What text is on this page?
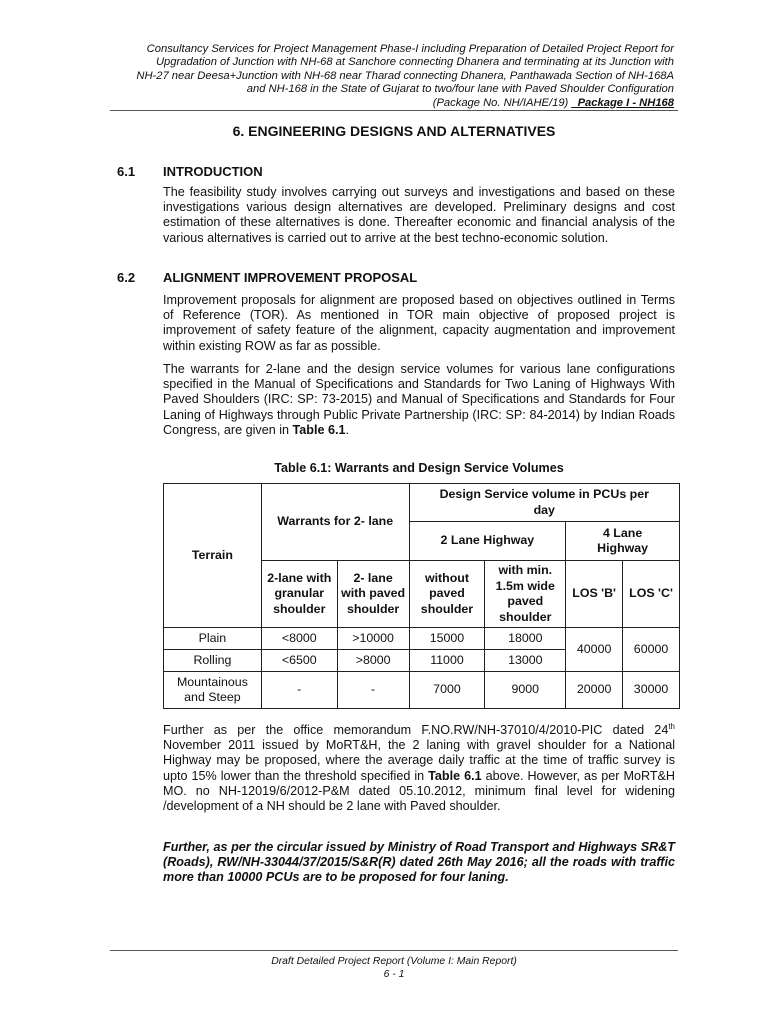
Consultancy Services for Project Management Phase-I including Preparation of Detailed Project Report for
Upgradation of Junction with NH-68 at Sanchore connecting Dhanera and terminating at its Junction with
NH-27 near Deesa+Junction with NH-68 near Tharad connecting Dhanera, Panthawada Section of NH-168A
and NH-168 in the State of Gujarat to two/four lane with Paved Shoulder Configuration
(Package No. NH/IAHE/19) _Package I - NH168
6. ENGINEERING DESIGNS AND ALTERNATIVES
6.1 INTRODUCTION
The feasibility study involves carrying out surveys and investigations and based on these investigations various design alternatives are developed. Preliminary designs and cost estimation of these alternatives is done. Thereafter economic and financial analysis of the various alternatives is carried out to arrive at the best techno-economic solution.
6.2 ALIGNMENT IMPROVEMENT PROPOSAL
Improvement proposals for alignment are proposed based on objectives outlined in Terms of Reference (TOR). As mentioned in TOR main objective of proposed project is improvement of safety feature of the alignment, capacity augmentation and improvement within existing ROW as far as possible.
The warrants for 2-lane and the design service volumes for various lane configurations specified in the Manual of Specifications and Standards for Two Laning of Highways With Paved Shoulders (IRC: SP: 73-2015) and Manual of Specifications and Standards for Four Laning of Highways through Public Private Partnership (IRC: SP: 84-2014) by Indian Roads Congress, are given in Table 6.1.
Table 6.1: Warrants and Design Service Volumes
Terrain	Warrants for 2- lane		Design Service volume in PCUs per day			
			2 Lane Highway		4 Lane Highway	
	2-lane with granular shoulder	2- lane with paved shoulder	without paved shoulder	with min. 1.5m wide paved shoulder	LOS 'B'	LOS 'C'
Plain	<8000	>10000	15000	18000	40000	60000
Rolling	<6500	>8000	11000	13000		
Mountainous and Steep	-	-	7000	9000	20000	30000
Further as per the office memorandum F.NO.RW/NH-37010/4/2010-PIC dated 24th November 2011 issued by MoRT&H, the 2 laning with gravel shoulder for a National Highway may be proposed, where the average daily traffic at the time of traffic survey is upto 15% lower than the threshold specified in Table 6.1 above. However, as per MoRT&H MO. no NH-12019/6/2012-P&M dated 05.10.2012, minimum final level for widening /development of a NH should be 2 lane with Paved shoulder.
Further, as per the circular issued by Ministry of Road Transport and Highways SR&T (Roads), RW/NH-33044/37/2015/S&R(R) dated 26th May 2016; all the roads with traffic more than 10000 PCUs are to be proposed for four laning.
Draft Detailed Project Report (Volume I: Main Report)
6 - 1
